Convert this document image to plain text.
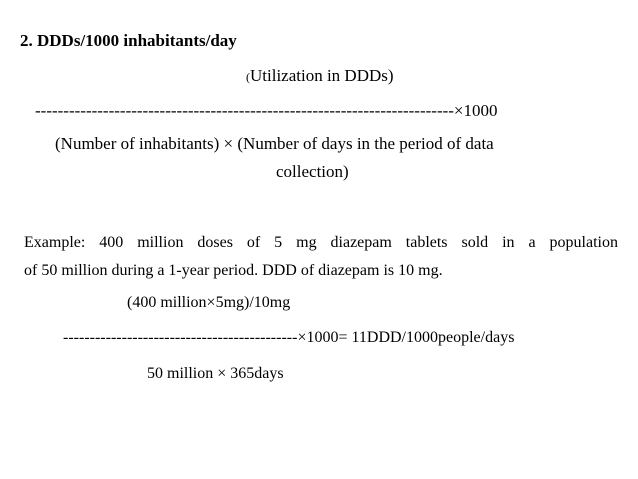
2. DDDs/1000 inhabitants/day
(Utilization in DDDs)
--------------------------------------------------------------------------×1000
(Number of inhabitants) × (Number of days in the period of data
collection)
Example: 400 million doses of 5 mg diazepam tablets sold in a population
of 50 million during a 1-year period. DDD of diazepam is 10 mg.
(400 million×5mg)/10mg
--------------------------------------------×1000= 11DDD/1000people/days
50 million × 365days
